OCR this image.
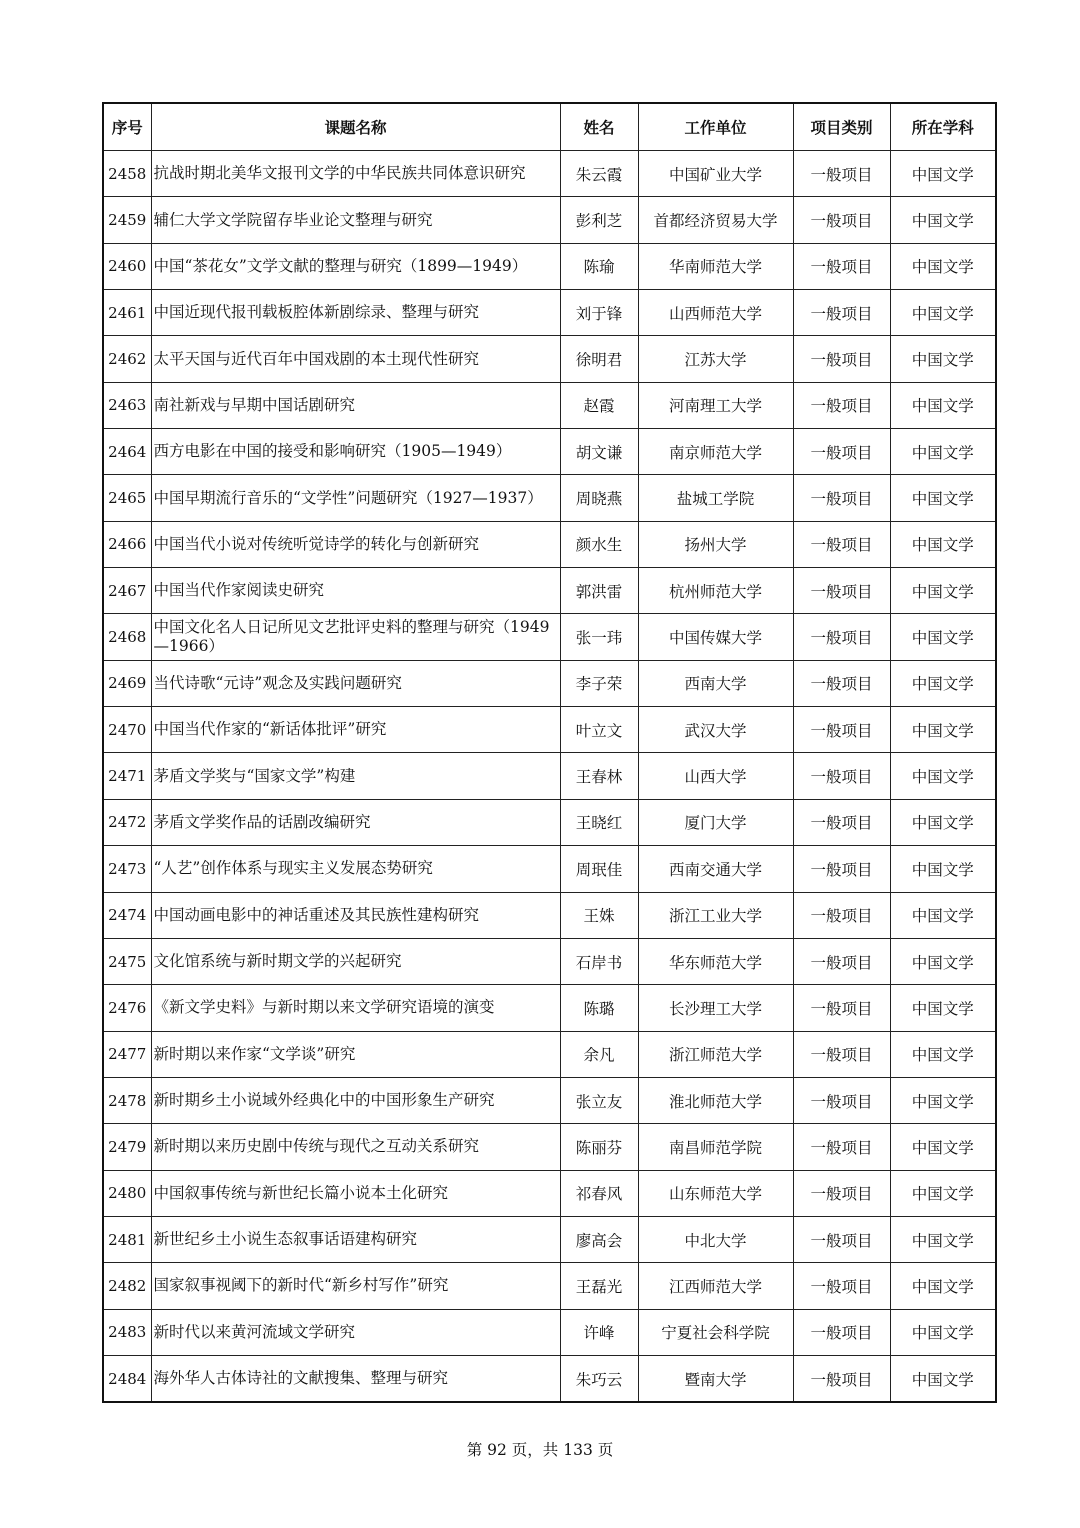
序号	课题名称	姓名	工作单位	项目类别	所在学科
2458	抗战时期北美华文报刊文学的中华民族共同体意识研究	朱云霞	中国矿业大学	一般项目	中国文学
2459	辅仁大学文学院留存毕业论文整理与研究	彭利芝	首都经济贸易大学	一般项目	中国文学
2460	中国“茶花女”文学文献的整理与研究（1899—1949）	陈瑜	华南师范大学	一般项目	中国文学
2461	中国近现代报刊载板腔体新剧综录、整理与研究	刘于锋	山西师范大学	一般项目	中国文学
2462	太平天国与近代百年中国戏剧的本土现代性研究	徐明君	江苏大学	一般项目	中国文学
2463	南社新戏与早期中国话剧研究	赵霞	河南理工大学	一般项目	中国文学
2464	西方电影在中国的接受和影响研究（1905—1949）	胡文谦	南京师范大学	一般项目	中国文学
2465	中国早期流行音乐的“文学性”问题研究（1927—1937）	周晓燕	盐城工学院	一般项目	中国文学
2466	中国当代小说对传统听觉诗学的转化与创新研究	颜水生	扬州大学	一般项目	中国文学
2467	中国当代作家阅读史研究	郭洪雷	杭州师范大学	一般项目	中国文学
2468	中国文化名人日记所见文艺批评史料的整理与研究（1949—1966）	张一玮	中国传媒大学	一般项目	中国文学
2469	当代诗歌“元诗”观念及实践问题研究	李子荣	西南大学	一般项目	中国文学
2470	中国当代作家的“新话体批评”研究	叶立文	武汉大学	一般项目	中国文学
2471	茅盾文学奖与“国家文学”构建	王春林	山西大学	一般项目	中国文学
2472	茅盾文学奖作品的话剧改编研究	王晓红	厦门大学	一般项目	中国文学
2473	“人艺”创作体系与现实主义发展态势研究	周珉佳	西南交通大学	一般项目	中国文学
2474	中国动画电影中的神话重述及其民族性建构研究	王姝	浙江工业大学	一般项目	中国文学
2475	文化馆系统与新时期文学的兴起研究	石岸书	华东师范大学	一般项目	中国文学
2476	《新文学史料》与新时期以来文学研究语境的演变	陈璐	长沙理工大学	一般项目	中国文学
2477	新时期以来作家“文学谈”研究	余凡	浙江师范大学	一般项目	中国文学
2478	新时期乡土小说域外经典化中的中国形象生产研究	张立友	淮北师范大学	一般项目	中国文学
2479	新时期以来历史剧中传统与现代之互动关系研究	陈丽芬	南昌师范学院	一般项目	中国文学
2480	中国叙事传统与新世纪长篇小说本土化研究	祁春风	山东师范大学	一般项目	中国文学
2481	新世纪乡土小说生态叙事话语建构研究	廖高会	中北大学	一般项目	中国文学
2482	国家叙事视阈下的新时代“新乡村写作”研究	王磊光	江西师范大学	一般项目	中国文学
2483	新时代以来黄河流域文学研究	许峰	宁夏社会科学院	一般项目	中国文学
2484	海外华人古体诗社的文献搜集、整理与研究	朱巧云	暨南大学	一般项目	中国文学
第 92 页，共 133 页
